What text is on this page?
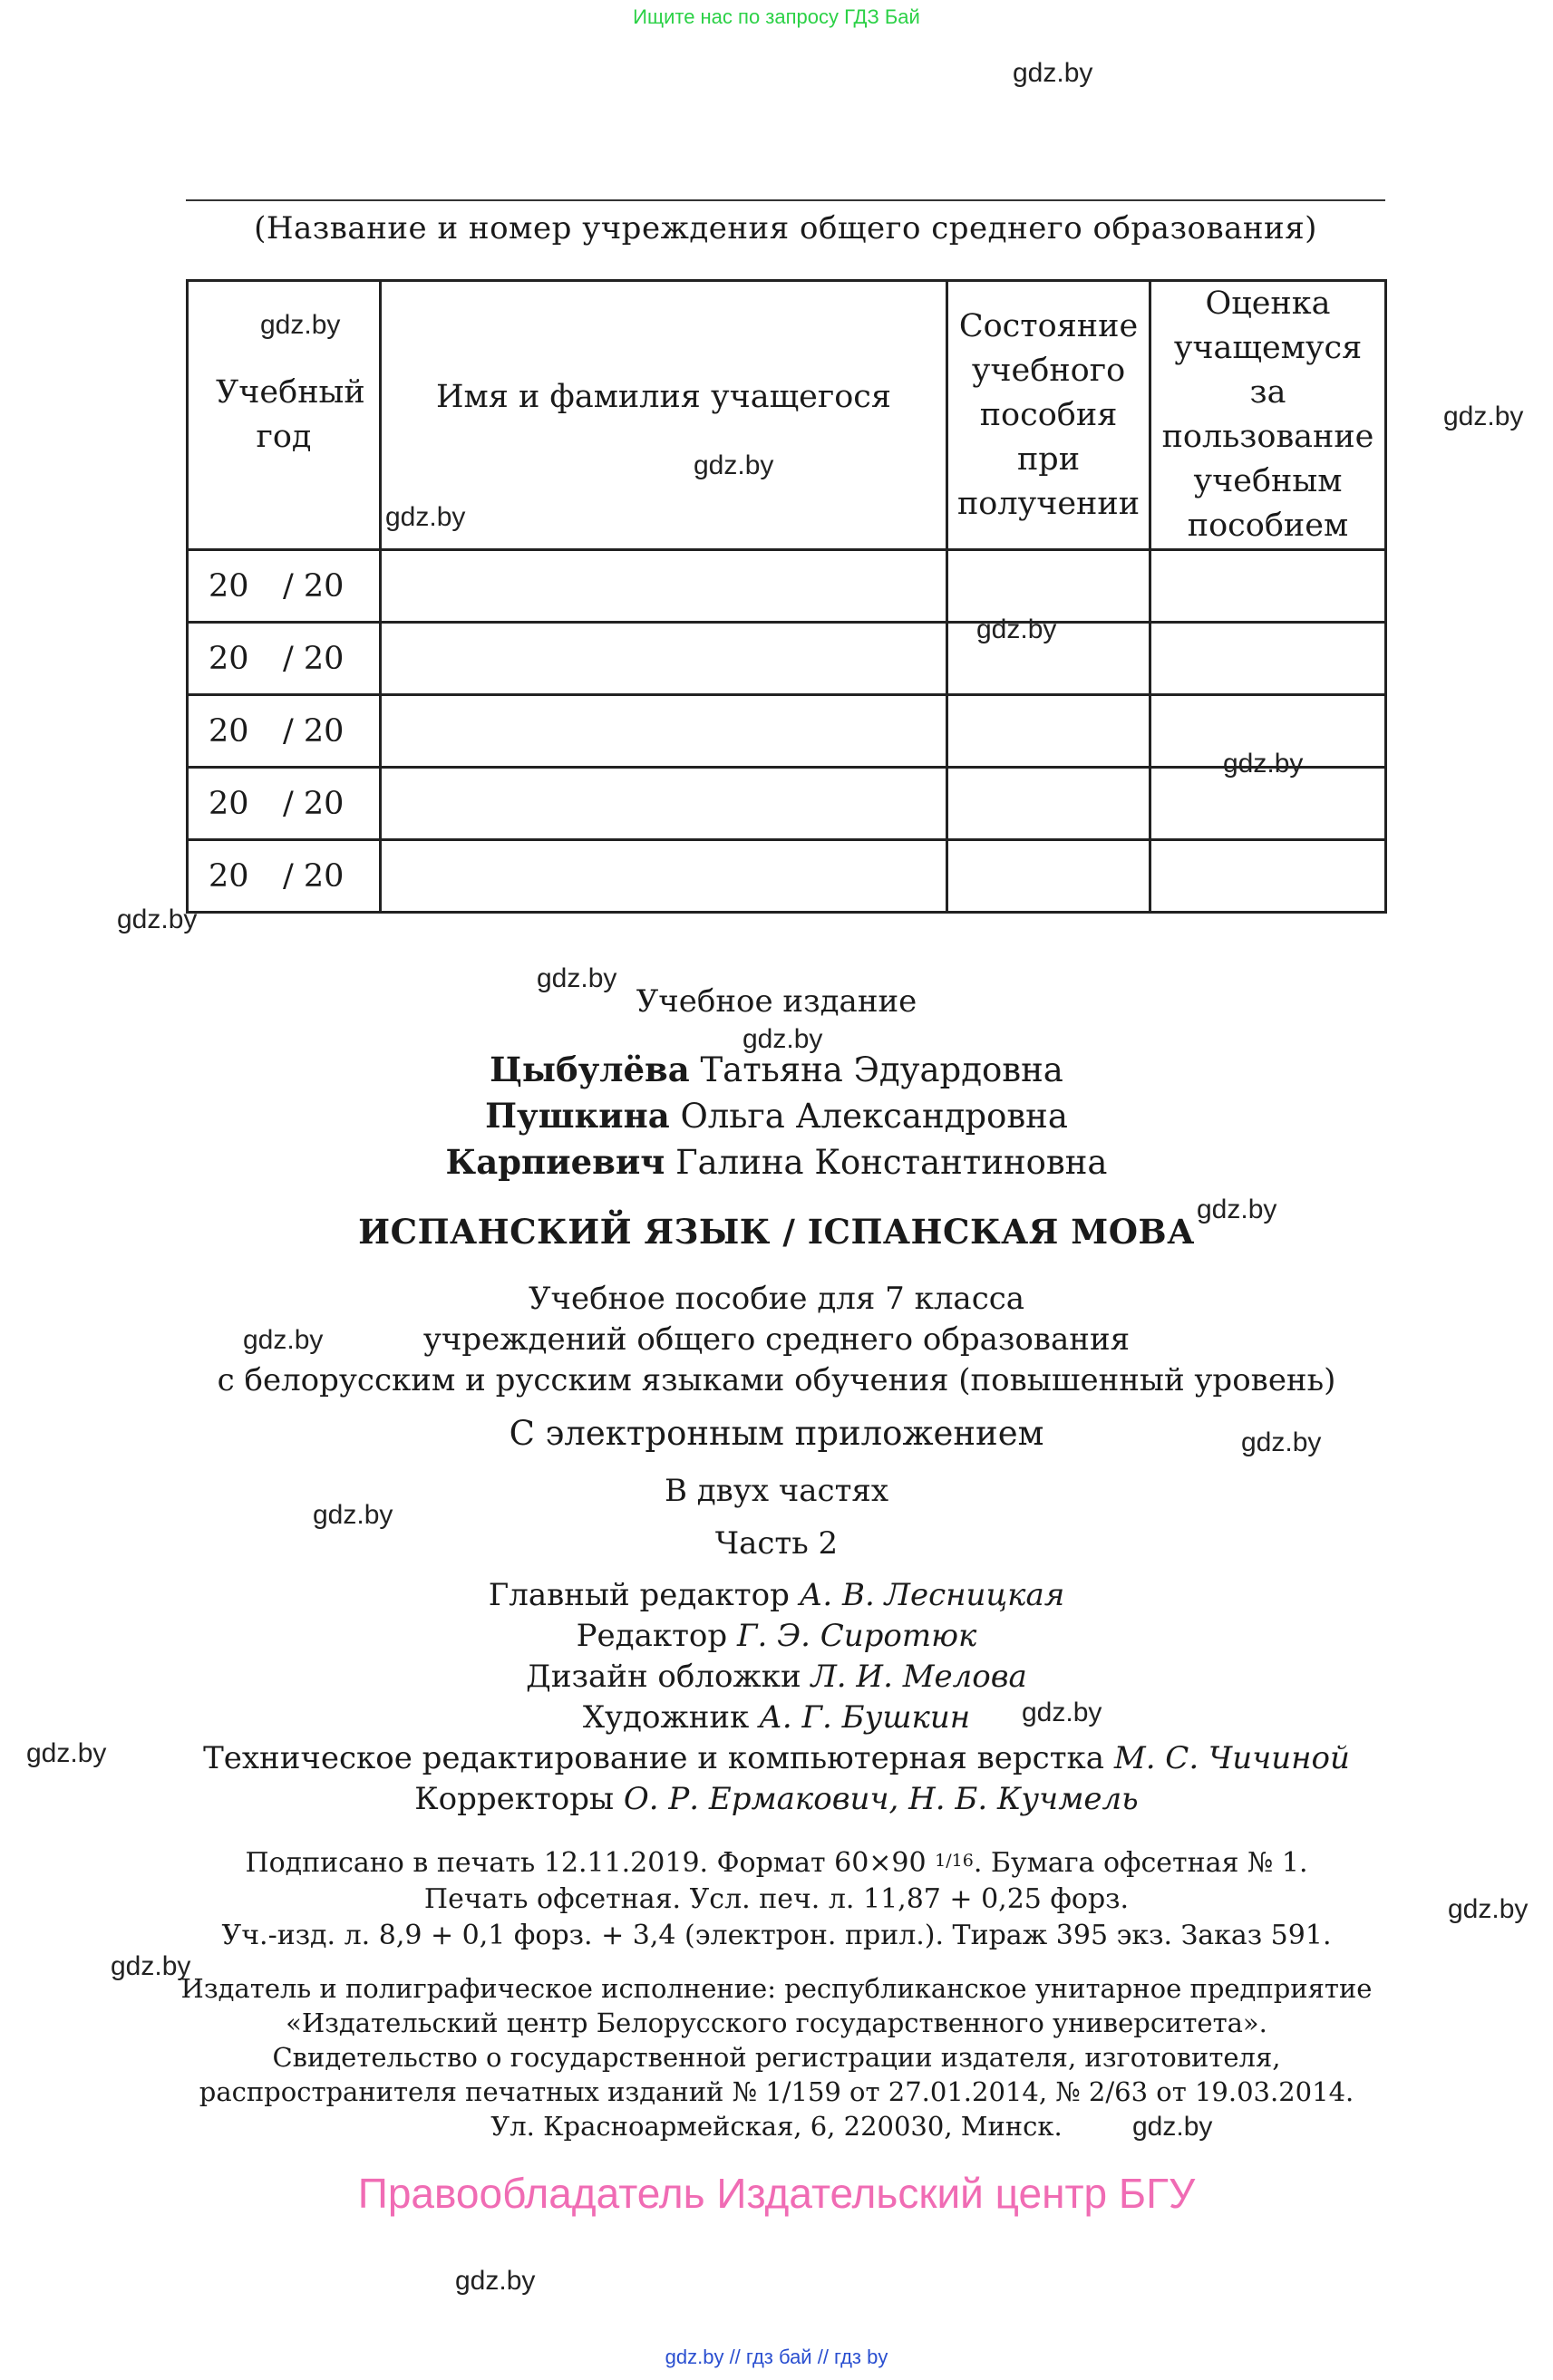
Ищите нас по запросу ГДЗ Бай
gdz.by
gdz.by
gdz.by
gdz.by
gdz.by
gdz.by
gdz.by
gdz.by
gdz.by
gdz.by
gdz.by
gdz.by
gdz.by
gdz.by
gdz.by
gdz.by
gdz.by
gdz.by
gdz.by
gdz.by
(Название и номер учреждения общего среднего образования)
Учебный год	Имя и фамилия учащегося	Состояние учебного пособия при получении	Оценка учащемуся за пользование учебным пособием

20 / 20			
20 / 20			
20 / 20			
20 / 20			
20 / 20			
Учебное издание
Цыбулёва Татьяна Эдуардовна
Пушкина Ольга Александровна
Карпиевич Галина Константиновна
ИСПАНСКИЙ ЯЗЫК / ІСПАНСКАЯ МОВА
Учебное пособие для 7 класса
учреждений общего среднего образования
с белорусским и русским языками обучения (повышенный уровень)
С электронным приложением
В двух частях
Часть 2
Главный редактор А. В. Лесницкая
Редактор Г. Э. Сиротюк
Дизайн обложки Л. И. Мелова
Художник А. Г. Бушкин
Техническое редактирование и компьютерная верстка М. С. Чичиной
Корректоры О. Р. Ермакович, Н. Б. Кучмель
Подписано в печать 12.11.2019. Формат 60×90 $^{1/16}$. Бумага офсетная № 1.
Печать офсетная. Усл. печ. л. 11,87 + 0,25 форз.
Уч.-изд. л. 8,9 + 0,1 форз. + 3,4 (электрон. прил.). Тираж 395 экз. Заказ 591.
Издатель и полиграфическое исполнение: республиканское унитарное предприятие
«Издательский центр Белорусского государственного университета».
Свидетельство о государственной регистрации издателя, изготовителя,
распространителя печатных изданий № 1/159 от 27.01.2014, № 2/63 от 19.03.2014.
Ул. Красноармейская, 6, 220030, Минск.
Правообладатель Издательский центр БГУ
gdz.by // гдз бай // гдз by
